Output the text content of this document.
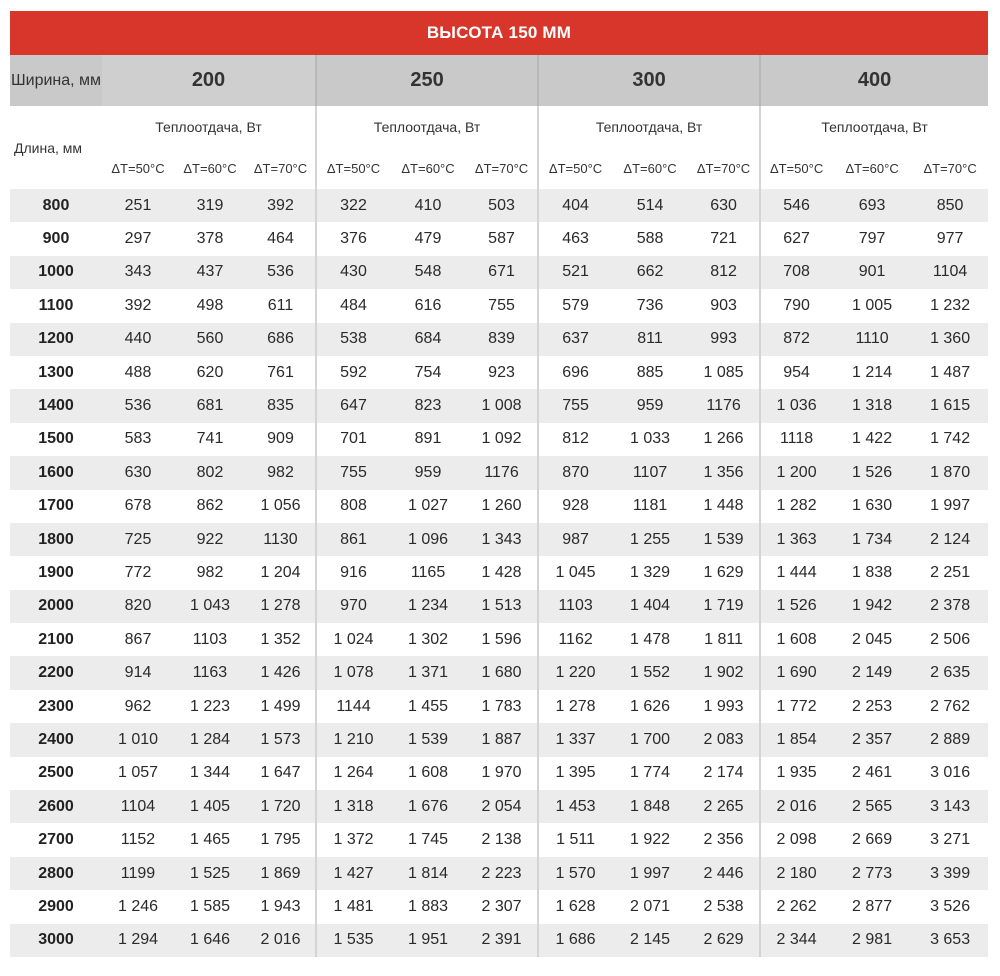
ВЫСОТА 150 ММ
Ширина, мм	200			250			300			400		
Длина, мм	Теплоотдача, Вт			Теплоотдача, Вт			Теплоотдача, Вт			Теплоотдача, Вт		
	ΔT=50°C	ΔT=60°C	ΔT=70°C	ΔT=50°C	ΔT=60°C	ΔT=70°C	ΔT=50°C	ΔT=60°C	ΔT=70°C	ΔT=50°C	ΔT=60°C	ΔT=70°C
800	251	319	392	322	410	503	404	514	630	546	693	850
900	297	378	464	376	479	587	463	588	721	627	797	977
1000	343	437	536	430	548	671	521	662	812	708	901	1104
1100	392	498	611	484	616	755	579	736	903	790	1 005	1 232
1200	440	560	686	538	684	839	637	811	993	872	1110	1 360
1300	488	620	761	592	754	923	696	885	1 085	954	1 214	1 487
1400	536	681	835	647	823	1 008	755	959	1176	1 036	1 318	1 615
1500	583	741	909	701	891	1 092	812	1 033	1 266	1118	1 422	1 742
1600	630	802	982	755	959	1176	870	1107	1 356	1 200	1 526	1 870
1700	678	862	1 056	808	1 027	1 260	928	1181	1 448	1 282	1 630	1 997
1800	725	922	1130	861	1 096	1 343	987	1 255	1 539	1 363	1 734	2 124
1900	772	982	1 204	916	1165	1 428	1 045	1 329	1 629	1 444	1 838	2 251
2000	820	1 043	1 278	970	1 234	1 513	1103	1 404	1 719	1 526	1 942	2 378
2100	867	1103	1 352	1 024	1 302	1 596	1162	1 478	1 811	1 608	2 045	2 506
2200	914	1163	1 426	1 078	1 371	1 680	1 220	1 552	1 902	1 690	2 149	2 635
2300	962	1 223	1 499	1144	1 455	1 783	1 278	1 626	1 993	1 772	2 253	2 762
2400	1 010	1 284	1 573	1 210	1 539	1 887	1 337	1 700	2 083	1 854	2 357	2 889
2500	1 057	1 344	1 647	1 264	1 608	1 970	1 395	1 774	2 174	1 935	2 461	3 016
2600	1104	1 405	1 720	1 318	1 676	2 054	1 453	1 848	2 265	2 016	2 565	3 143
2700	1152	1 465	1 795	1 372	1 745	2 138	1 511	1 922	2 356	2 098	2 669	3 271
2800	1199	1 525	1 869	1 427	1 814	2 223	1 570	1 997	2 446	2 180	2 773	3 399
2900	1 246	1 585	1 943	1 481	1 883	2 307	1 628	2 071	2 538	2 262	2 877	3 526
3000	1 294	1 646	2 016	1 535	1 951	2 391	1 686	2 145	2 629	2 344	2 981	3 653
